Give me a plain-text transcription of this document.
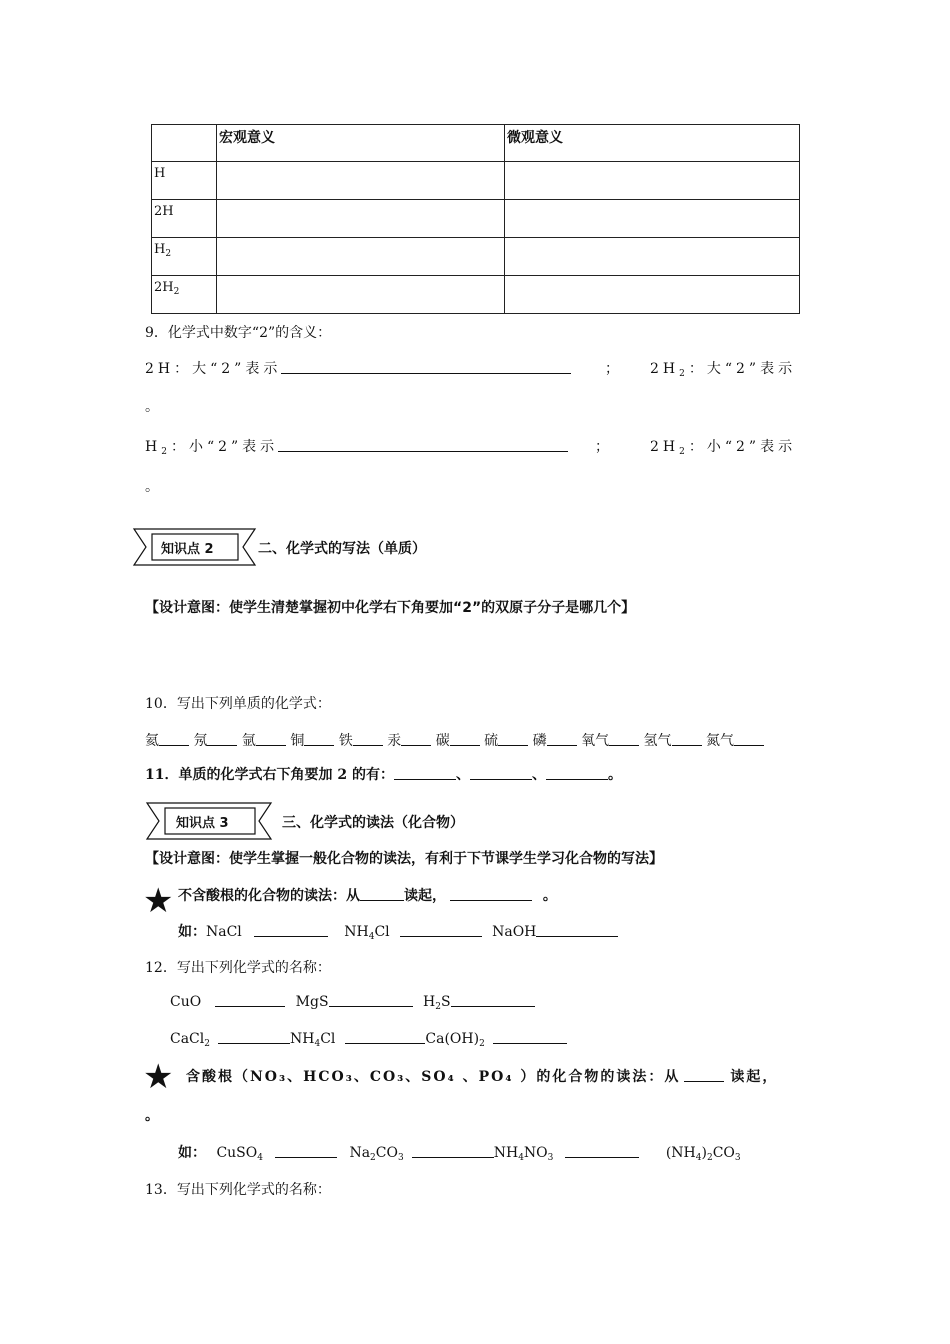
	宏观意义	微观意义
H		
2H		
$H_2$		
$2H_2$		
9．化学式中数字“2”的含义：
2H：大“2”表示	； $2H_2$：大“2”表示
。
$H_2$：小“2”表示	；	$2H_2$：小“2”表示
。
知识点 2	二、化学式的写法（单质）
【设计意图：使学生清楚掌握初中化学右下角要加“2”的双原子分子是哪几个】
10．写出下列单质的化学式：
氦 氖 氩 铜 铁 汞 碳 硫 磷 氧气 氢气 氮气
11．单质的化学式右下角要加 2 的有：	、	、	。
知识点 3	三、化学式的读法（化合物）
【设计意图：使学生掌握一般化合物的读法，有利于下节课学生学习化合物的写法】
★ 不含酸根的化合物的读法：从	读起，	。
如：NaCl	$NH_4Cl$	NaOH
12．写出下列化学式的名称：
CuO	MgS	$H_2S$
CaCl$_2$	$NH_4Cl$	$Ca(OH)_2$
★ 含酸根（NO₃、HCO₃、CO₃、SO₄ 、PO₄ ）的化合物的读法：从	读起，
。
如： CuSO$_4$	$Na_2CO_3$	$NH_4NO_3$	$(NH_4)_2CO_3$
13．写出下列化学式的名称：
